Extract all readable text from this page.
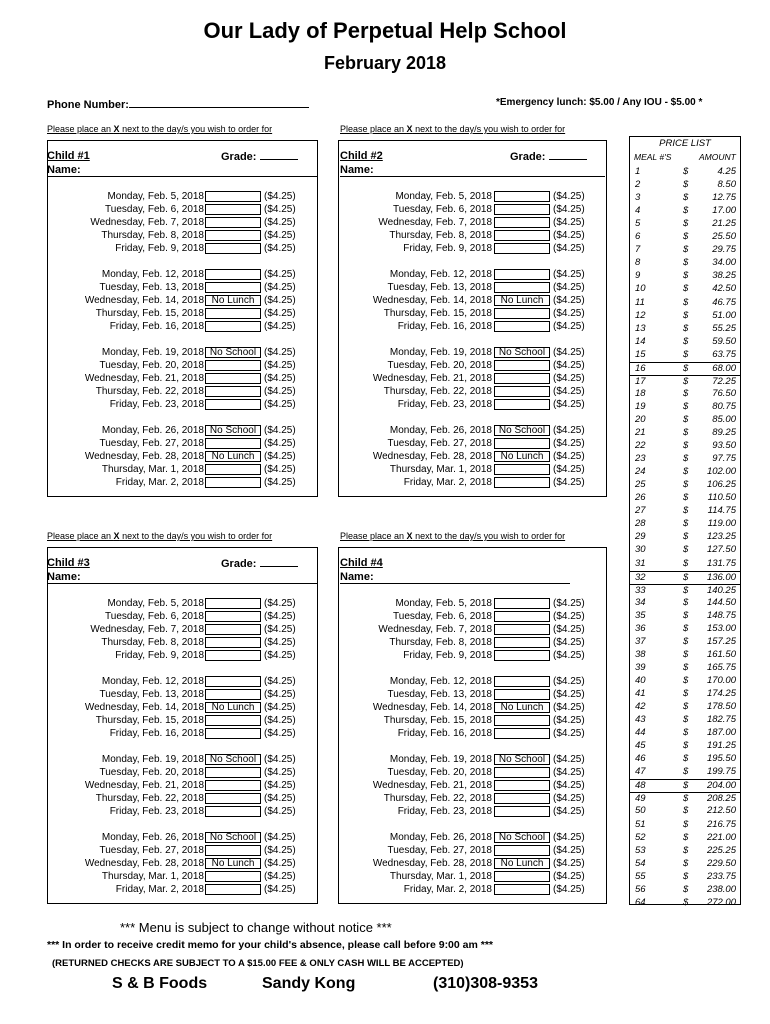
Our Lady of Perpetual Help School
February 2018
Phone Number:	*Emergency lunch: $5.00 / Any IOU - $5.00 *
Please place an X next to the day/s you wish to order for
Child #1	Grade:
Name:
Monday, Feb. 5, 2018	($4.25)
Tuesday, Feb. 6, 2018	($4.25)
Wednesday, Feb. 7, 2018	($4.25)
Thursday, Feb. 8, 2018	($4.25)
Friday, Feb. 9, 2018	($4.25)
Monday, Feb. 12, 2018	($4.25)
Tuesday, Feb. 13, 2018	($4.25)
Wednesday, Feb. 14, 2018 No Lunch ($4.25)
Thursday, Feb. 15, 2018	($4.25)
Friday, Feb. 16, 2018	($4.25)
Monday, Feb. 19, 2018 No School ($4.25)
Tuesday, Feb. 20, 2018	($4.25)
Wednesday, Feb. 21, 2018	($4.25)
Thursday, Feb. 22, 2018	($4.25)
Friday, Feb. 23, 2018	($4.25)
Monday, Feb. 26, 2018 No School ($4.25)
Tuesday, Feb. 27, 2018	($4.25)
Wednesday, Feb. 28, 2018 No Lunch ($4.25)
Thursday, Mar. 1, 2018	($4.25)
Friday, Mar. 2, 2018	($4.25)
Please place an X next to the day/s you wish to order for
Child #2	Grade:
Name:
Monday, Feb. 5, 2018	($4.25)
Tuesday, Feb. 6, 2018	($4.25)
Wednesday, Feb. 7, 2018	($4.25)
Thursday, Feb. 8, 2018	($4.25)
Friday, Feb. 9, 2018	($4.25)
Monday, Feb. 12, 2018	($4.25)
Tuesday, Feb. 13, 2018	($4.25)
Wednesday, Feb. 14, 2018 No Lunch ($4.25)
Thursday, Feb. 15, 2018	($4.25)
Friday, Feb. 16, 2018	($4.25)
Monday, Feb. 19, 2018 No School ($4.25)
Tuesday, Feb. 20, 2018	($4.25)
Wednesday, Feb. 21, 2018	($4.25)
Thursday, Feb. 22, 2018	($4.25)
Friday, Feb. 23, 2018	($4.25)
Monday, Feb. 26, 2018 No School ($4.25)
Tuesday, Feb. 27, 2018	($4.25)
Wednesday, Feb. 28, 2018 No Lunch ($4.25)
Thursday, Mar. 1, 2018	($4.25)
Friday, Mar. 2, 2018	($4.25)
Please place an X next to the day/s you wish to order for
Child #3	Grade:
Name:
Monday, Feb. 5, 2018	($4.25)
Tuesday, Feb. 6, 2018	($4.25)
Wednesday, Feb. 7, 2018	($4.25)
Thursday, Feb. 8, 2018	($4.25)
Friday, Feb. 9, 2018	($4.25)
Monday, Feb. 12, 2018	($4.25)
Tuesday, Feb. 13, 2018	($4.25)
Wednesday, Feb. 14, 2018 No Lunch ($4.25)
Thursday, Feb. 15, 2018	($4.25)
Friday, Feb. 16, 2018	($4.25)
Monday, Feb. 19, 2018 No School ($4.25)
Tuesday, Feb. 20, 2018	($4.25)
Wednesday, Feb. 21, 2018	($4.25)
Thursday, Feb. 22, 2018	($4.25)
Friday, Feb. 23, 2018	($4.25)
Monday, Feb. 26, 2018 No School ($4.25)
Tuesday, Feb. 27, 2018	($4.25)
Wednesday, Feb. 28, 2018 No Lunch ($4.25)
Thursday, Mar. 1, 2018	($4.25)
Friday, Mar. 2, 2018	($4.25)
Please place an X next to the day/s you wish to order for
Child #4
Name:
Monday, Feb. 5, 2018	($4.25)
Tuesday, Feb. 6, 2018	($4.25)
Wednesday, Feb. 7, 2018	($4.25)
Thursday, Feb. 8, 2018	($4.25)
Friday, Feb. 9, 2018	($4.25)
Monday, Feb. 12, 2018	($4.25)
Tuesday, Feb. 13, 2018	($4.25)
Wednesday, Feb. 14, 2018 No Lunch ($4.25)
Thursday, Feb. 15, 2018	($4.25)
Friday, Feb. 16, 2018	($4.25)
Monday, Feb. 19, 2018 No School ($4.25)
Tuesday, Feb. 20, 2018	($4.25)
Wednesday, Feb. 21, 2018	($4.25)
Thursday, Feb. 22, 2018	($4.25)
Friday, Feb. 23, 2018	($4.25)
Monday, Feb. 26, 2018 No School ($4.25)
Tuesday, Feb. 27, 2018	($4.25)
Wednesday, Feb. 28, 2018 No Lunch ($4.25)
Thursday, Mar. 1, 2018	($4.25)
Friday, Mar. 2, 2018	($4.25)
PRICE LIST
MEAL #'S	AMOUNT
1	$	4.25
2	$	8.50
3	$	12.75
4	$	17.00
5	$	21.25
6	$	25.50
7	$	29.75
8	$	34.00
9	$	38.25
10	$	42.50
11	$	46.75
12	$	51.00
13	$	55.25
14	$	59.50
15	$	63.75
16	$	68.00
17	$	72.25
18	$	76.50
19	$	80.75
20	$	85.00
21	$	89.25
22	$	93.50
23	$	97.75
24	$ 102.00
25	$ 106.25
26	$ 110.50
27	$ 114.75
28	$ 119.00
29	$ 123.25
30	$ 127.50
31	$ 131.75
32	$ 136.00
33	$ 140.25
34	$ 144.50
35	$ 148.75
36	$ 153.00
37	$ 157.25
38	$ 161.50
39	$ 165.75
40	$ 170.00
41	$ 174.25
42	$ 178.50
43	$ 182.75
44	$ 187.00
45	$ 191.25
46	$ 195.50
47	$ 199.75
48	$ 204.00
49	$ 208.25
50	$ 212.50
51	$ 216.75
52	$ 221.00
53	$ 225.25
54	$ 229.50
55	$ 233.75
56	$ 238.00
64	$ 272.00
*** Menu is subject to change without notice ***
*** In order to receive credit memo for your child's absence, please call before 9:00 am ***
(RETURNED CHECKS ARE SUBJECT TO A $15.00 FEE & ONLY CASH WILL BE ACCEPTED)
S & B Foods	Sandy Kong	(310)308-9353
